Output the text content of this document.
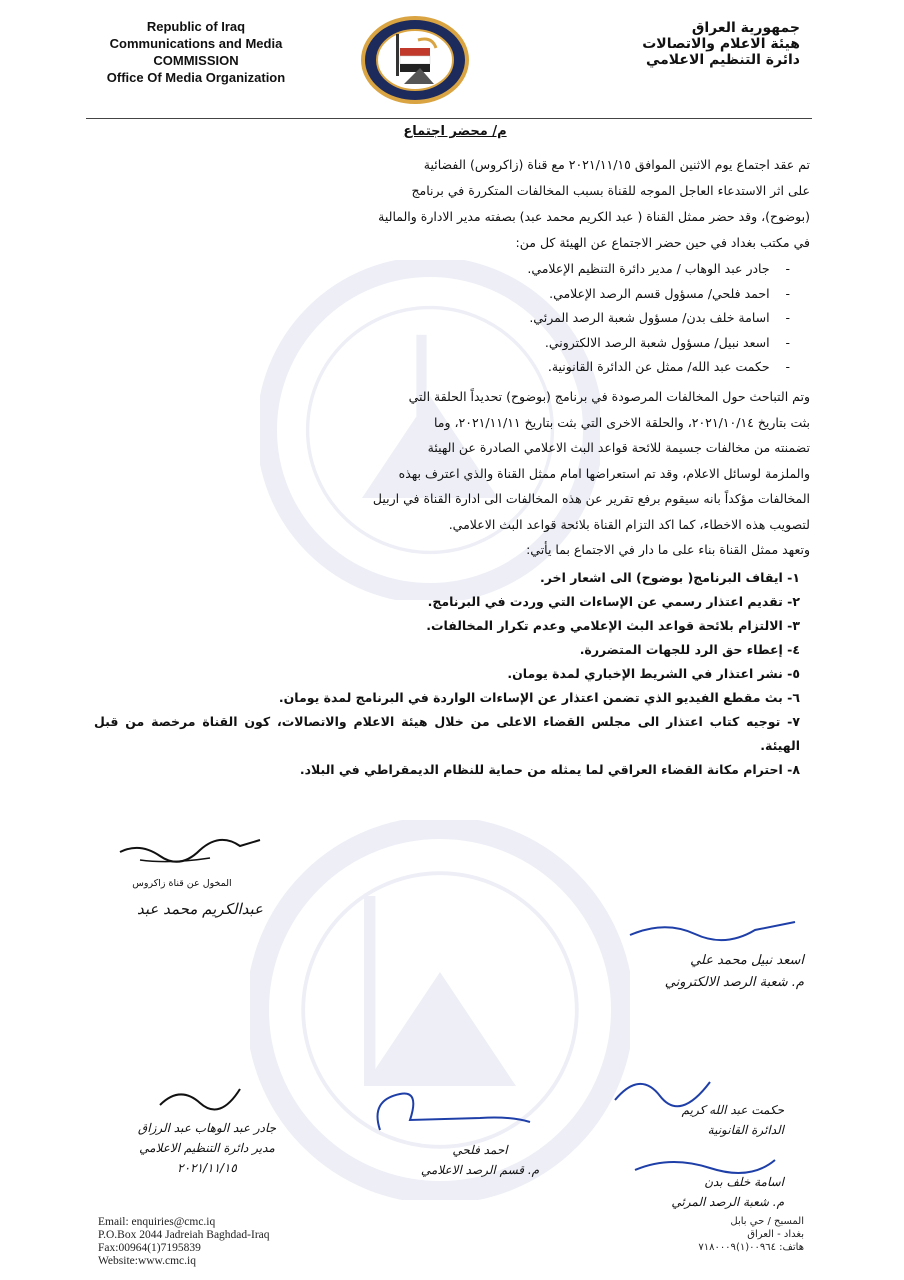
Republic of Iraq
Communications and Media
COMMISSION
Office Of Media Organization
جمهورية العراق
هيئة الاعلام والاتصالات
دائرة التنظيم الاعلامي
م/ محضر اجتماع

تم عقد اجتماع يوم الاثنين الموافق ٢٠٢١/١١/١٥ مع قناة (زاكروس) الفضائية

على اثر الاستدعاء العاجل الموجه للقناة بسبب المخالفات المتكررة في برنامج

(بوضوح)، وقد حضر ممثل القناة ( عبد الكريم محمد عبد) بصفته مدير الادارة والمالية

في مكتب بغداد في حين حضر الاجتماع عن الهيئة كل من:

-    جادر عبد الوهاب / مدير دائرة التنظيم الإعلامي.
-    احمد فلحي/ مسؤول قسم الرصد الإعلامي.
-    اسامة خلف بدن/ مسؤول شعبة الرصد المرئي.
-    اسعد نبيل/ مسؤول شعبة الرصد الالكتروني.
-    حكمت عبد الله/ ممثل عن الدائرة القانونية.

وتم التباحث حول المخالفات المرصودة في برنامج (بوضوح) تحديداً الحلقة التي

بثت بتاريخ ٢٠٢١/١٠/١٤، والحلقة الاخرى التي بثت بتاريخ ٢٠٢١/١١/١١، وما

تضمنته من مخالفات جسيمة للائحة قواعد البث الاعلامي الصادرة عن الهيئة

والملزمة لوسائل الاعلام، وقد تم استعراضها امام ممثل القناة والذي اعترف بهذه

المخالفات مؤكداً بانه سيقوم برفع تقرير عن هذه المخالفات الى ادارة القناة في اربيل

لتصويب هذه الاخطاء، كما اكد التزام القناة بلائحة قواعد البث الاعلامي.

وتعهد ممثل القناة بناء على ما دار في الاجتماع بما يأتي:

١- ايقاف البرنامج( بوضوح) الى اشعار اخر.
٢- تقديم اعتذار رسمي عن الإساءات التي وردت في البرنامج.
٣- الالتزام بلائحة قواعد البث الإعلامي وعدم تكرار المخالفات.
٤- إعطاء حق الرد للجهات المتضررة.
٥- نشر اعتذار في الشريط الإخباري لمدة يومان.
٦- بث مقطع الفيديو الذي تضمن اعتذار عن الإساءات الواردة في البرنامج لمدة يومان.
٧- توجيه كتاب اعتذار الى مجلس القضاء الاعلى من خلال هيئة الاعلام والاتصالات، كون القناة مرخصة من قبل الهيئة.
٨- احترام مكانة القضاء العراقي لما يمثله من حماية للنظام الديمقراطي في البلاد.
المخول عن قناة زاكروس
عبدالكريم محمد عبد
اسعد نبيل محمد علي
م. شعبة الرصد الالكتروني
جادر عبد الوهاب عبد الرزاق
مدير دائرة التنظيم الاعلامي
٢٠٢١/١١/١٥
احمد فلحي
م. قسم الرصد الاعلامي
حكمت عبد الله كريم
الدائرة القانونية
اسامة خلف بدن
م. شعبة الرصد المرئي
Email: enquiries@cmc.iq
P.O.Box 2044 Jadreiah Baghdad-Iraq
Fax:00964(1)7195839
Website:www.cmc.iq
المسبح / حي بابل
بغداد - العراق
هاتف: ٠٠٩٦٤(١)٧١٨٠٠٠٩
